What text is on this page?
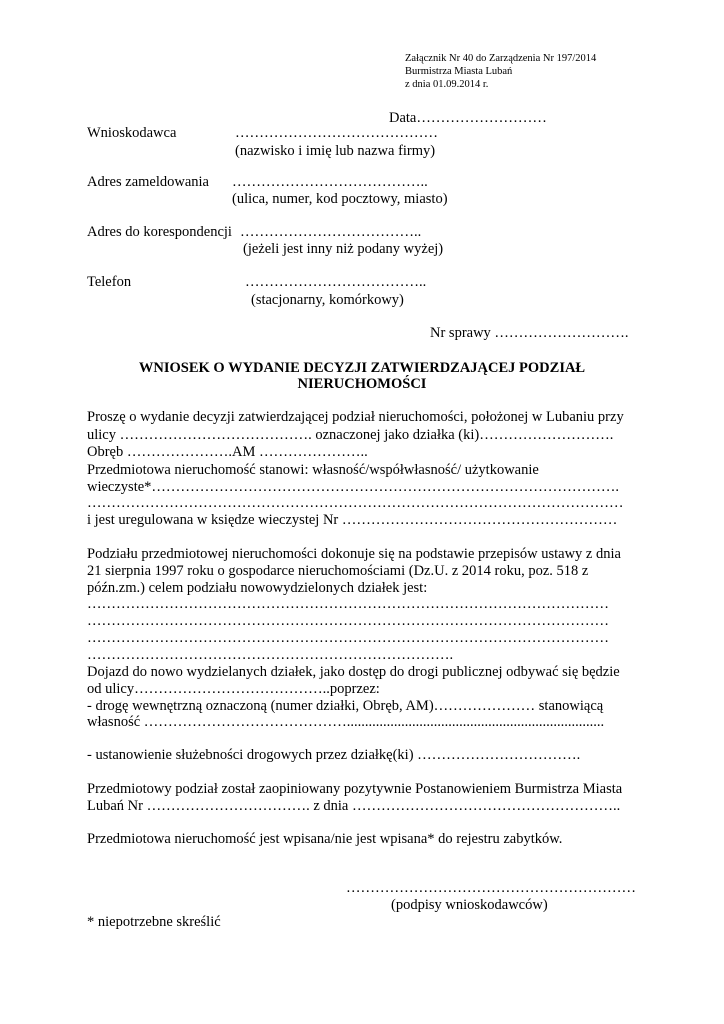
Załącznik Nr 40 do Zarządzenia Nr 197/2014
Burmistrza Miasta Lubań
z dnia 01.09.2014 r.
Data………………………
Wnioskodawca	……………………………………
(nazwisko i imię lub nazwa firmy)
Adres zameldowania …………………………………..
(ulica, numer, kod pocztowy, miasto)
Adres do korespondencji ………………………………..
(jeżeli jest inny niż podany wyżej)
Telefon	………………………………..
(stacjonarny, komórkowy)
Nr sprawy ……………………….
WNIOSEK O WYDANIE DECYZJI ZATWIERDZAJĄCEJ PODZIAŁ
NIERUCHOMOŚCI
Proszę o wydanie decyzji zatwierdzającej podział nieruchomości, położonej w Lubaniu przy
ulicy …………………………………. oznaczonej jako działka (ki)……………………….
Obręb ………………….AM …………………..
Przedmiotowa nieruchomość stanowi: własność/współwłasność/ użytkowanie
wieczyste*…………………………………………………………………………………….
…………………………………………………………………………………………………
i jest uregulowana w księdze wieczystej Nr …………………………………………………
Podziału przedmiotowej nieruchomości dokonuje się na podstawie przepisów ustawy z dnia
21 sierpnia 1997 roku o gospodarce nieruchomościami (Dz.U. z 2014 roku, poz. 518 z
późn.zm.) celem podziału nowowydzielonych działek jest:
………………………………………………………………………………………………
………………………………………………………………………………………………
………………………………………………………………………………………………
………………………………………………………………….
Dojazd do nowo wydzielanych działek, jako dostęp do drogi publicznej odbywać się będzie
od ulicy…………………………………..poprzez:
- drogę wewnętrzną oznaczoną (numer działki, Obręb, AM)………………… stanowiącą
własność …………………………………….......................................................................
- ustanowienie służebności drogowych przez działkę(ki) …………………………….
Przedmiotowy podział został zaopiniowany pozytywnie Postanowieniem Burmistrza Miasta
Lubań Nr ……………………………. z dnia ………………………………………………..
Przedmiotowa nieruchomość jest wpisana/nie jest wpisana* do rejestru zabytków.
……………………………………………………
(podpisy wnioskodawców)
* niepotrzebne skreślić
